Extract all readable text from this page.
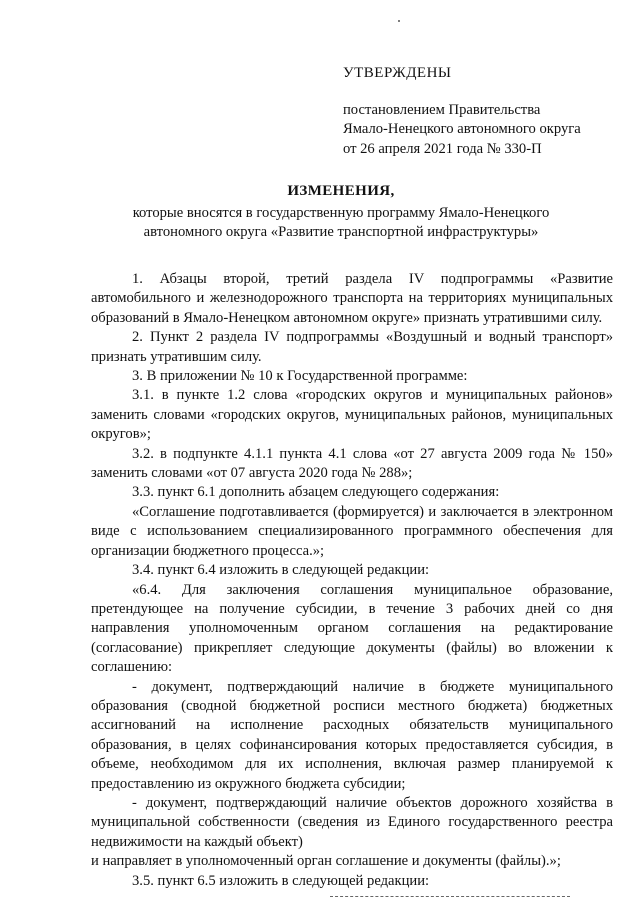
УТВЕРЖДЕНЫ
постановлением Правительства
Ямало-Ненецкого автономного округа
от 26 апреля 2021 года № 330-П
ИЗМЕНЕНИЯ,
которые вносятся в государственную программу Ямало-Ненецкого
автономного округа «Развитие транспортной инфраструктуры»

1. Абзацы второй, третий раздела IV подпрограммы «Развитие автомобильного и железнодорожного транспорта на территориях муниципальных образований в Ямало-Ненецком автономном округе» признать утратившими силу.

2. Пункт 2 раздела IV подпрограммы «Воздушный и водный транспорт» признать утратившим силу.

3. В приложении № 10 к Государственной программе:

3.1. в пункте 1.2 слова «городских округов и муниципальных районов» заменить словами «городских округов, муниципальных районов, муниципальных округов»;

3.2. в подпункте 4.1.1 пункта 4.1 слова «от 27 августа 2009 года № 150» заменить словами «от 07 августа 2020 года № 288»;

3.3. пункт 6.1 дополнить абзацем следующего содержания:

«Соглашение подготавливается (формируется) и заключается в электронном виде с использованием специализированного программного обеспечения для организации бюджетного процесса.»;

3.4. пункт 6.4 изложить в следующей редакции:

«6.4. Для заключения соглашения муниципальное образование, претендующее на получение субсидии, в течение 3 рабочих дней со дня направления уполномоченным органом соглашения на редактирование (согласование) прикрепляет следующие документы (файлы) во вложении к соглашению:

- документ, подтверждающий наличие в бюджете муниципального образования (сводной бюджетной росписи местного бюджета) бюджетных ассигнований на исполнение расходных обязательств муниципального образования, в целях софинансирования которых предоставляется субсидия, в объеме, необходимом для их исполнения, включая размер планируемой к предоставлению из окружного бюджета субсидии;

- документ, подтверждающий наличие объектов дорожного хозяйства в муниципальной собственности (сведения из Единого государственного реестра недвижимости на каждый объект)

и направляет в уполномоченный орган соглашение и документы (файлы).»;

3.5. пункт 6.5 изложить в следующей редакции:
